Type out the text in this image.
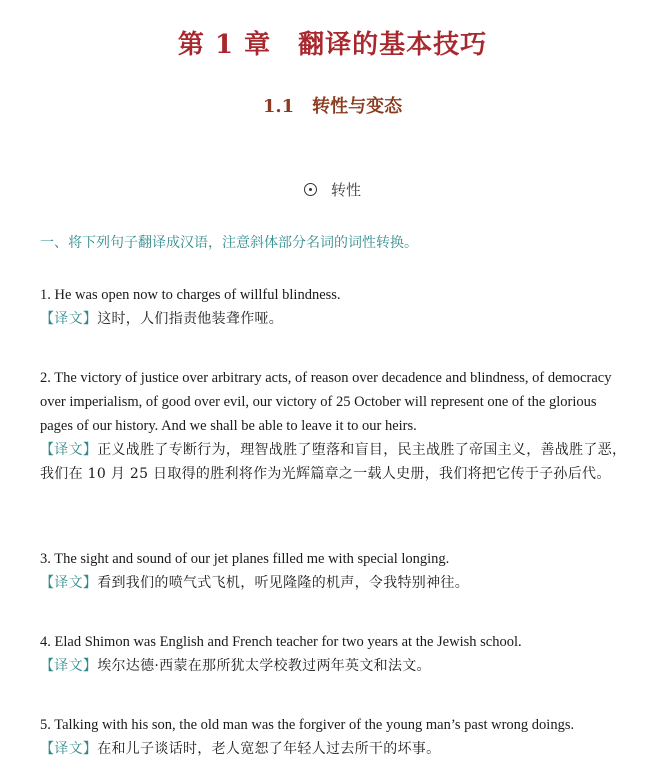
第 1 章　翻译的基本技巧
1.1　转性与变态
转性
一、将下列句子翻译成汉语，注意斜体部分名词的词性转换。
1. He was open now to charges of willful blindness.
【译文】这时，人们指责他装聋作哑。
2. The victory of justice over arbitrary acts, of reason over decadence and blindness, of democracy over imperialism, of good over evil, our victory of 25 October will represent one of the glorious pages of our history. And we shall be able to leave it to our heirs.
【译文】正义战胜了专断行为，理智战胜了堕落和盲目，民主战胜了帝国主义，善战胜了恶，我们在 10 月 25 日取得的胜利将作为光辉篇章之一载人史册，我们将把它传于子孙后代。
3. The sight and sound of our jet planes filled me with special longing.
【译文】看到我们的喷气式飞机，听见隆隆的机声，令我特别神往。
4. Elad Shimon was English and French teacher for two years at the Jewish school.
【译文】埃尔达德·西蒙在那所犹太学校教过两年英文和法文。
5. Talking with his son, the old man was the forgiver of the young man’s past wrong doings.
【译文】在和儿子谈话时，老人宽恕了年轻人过去所干的坏事。
